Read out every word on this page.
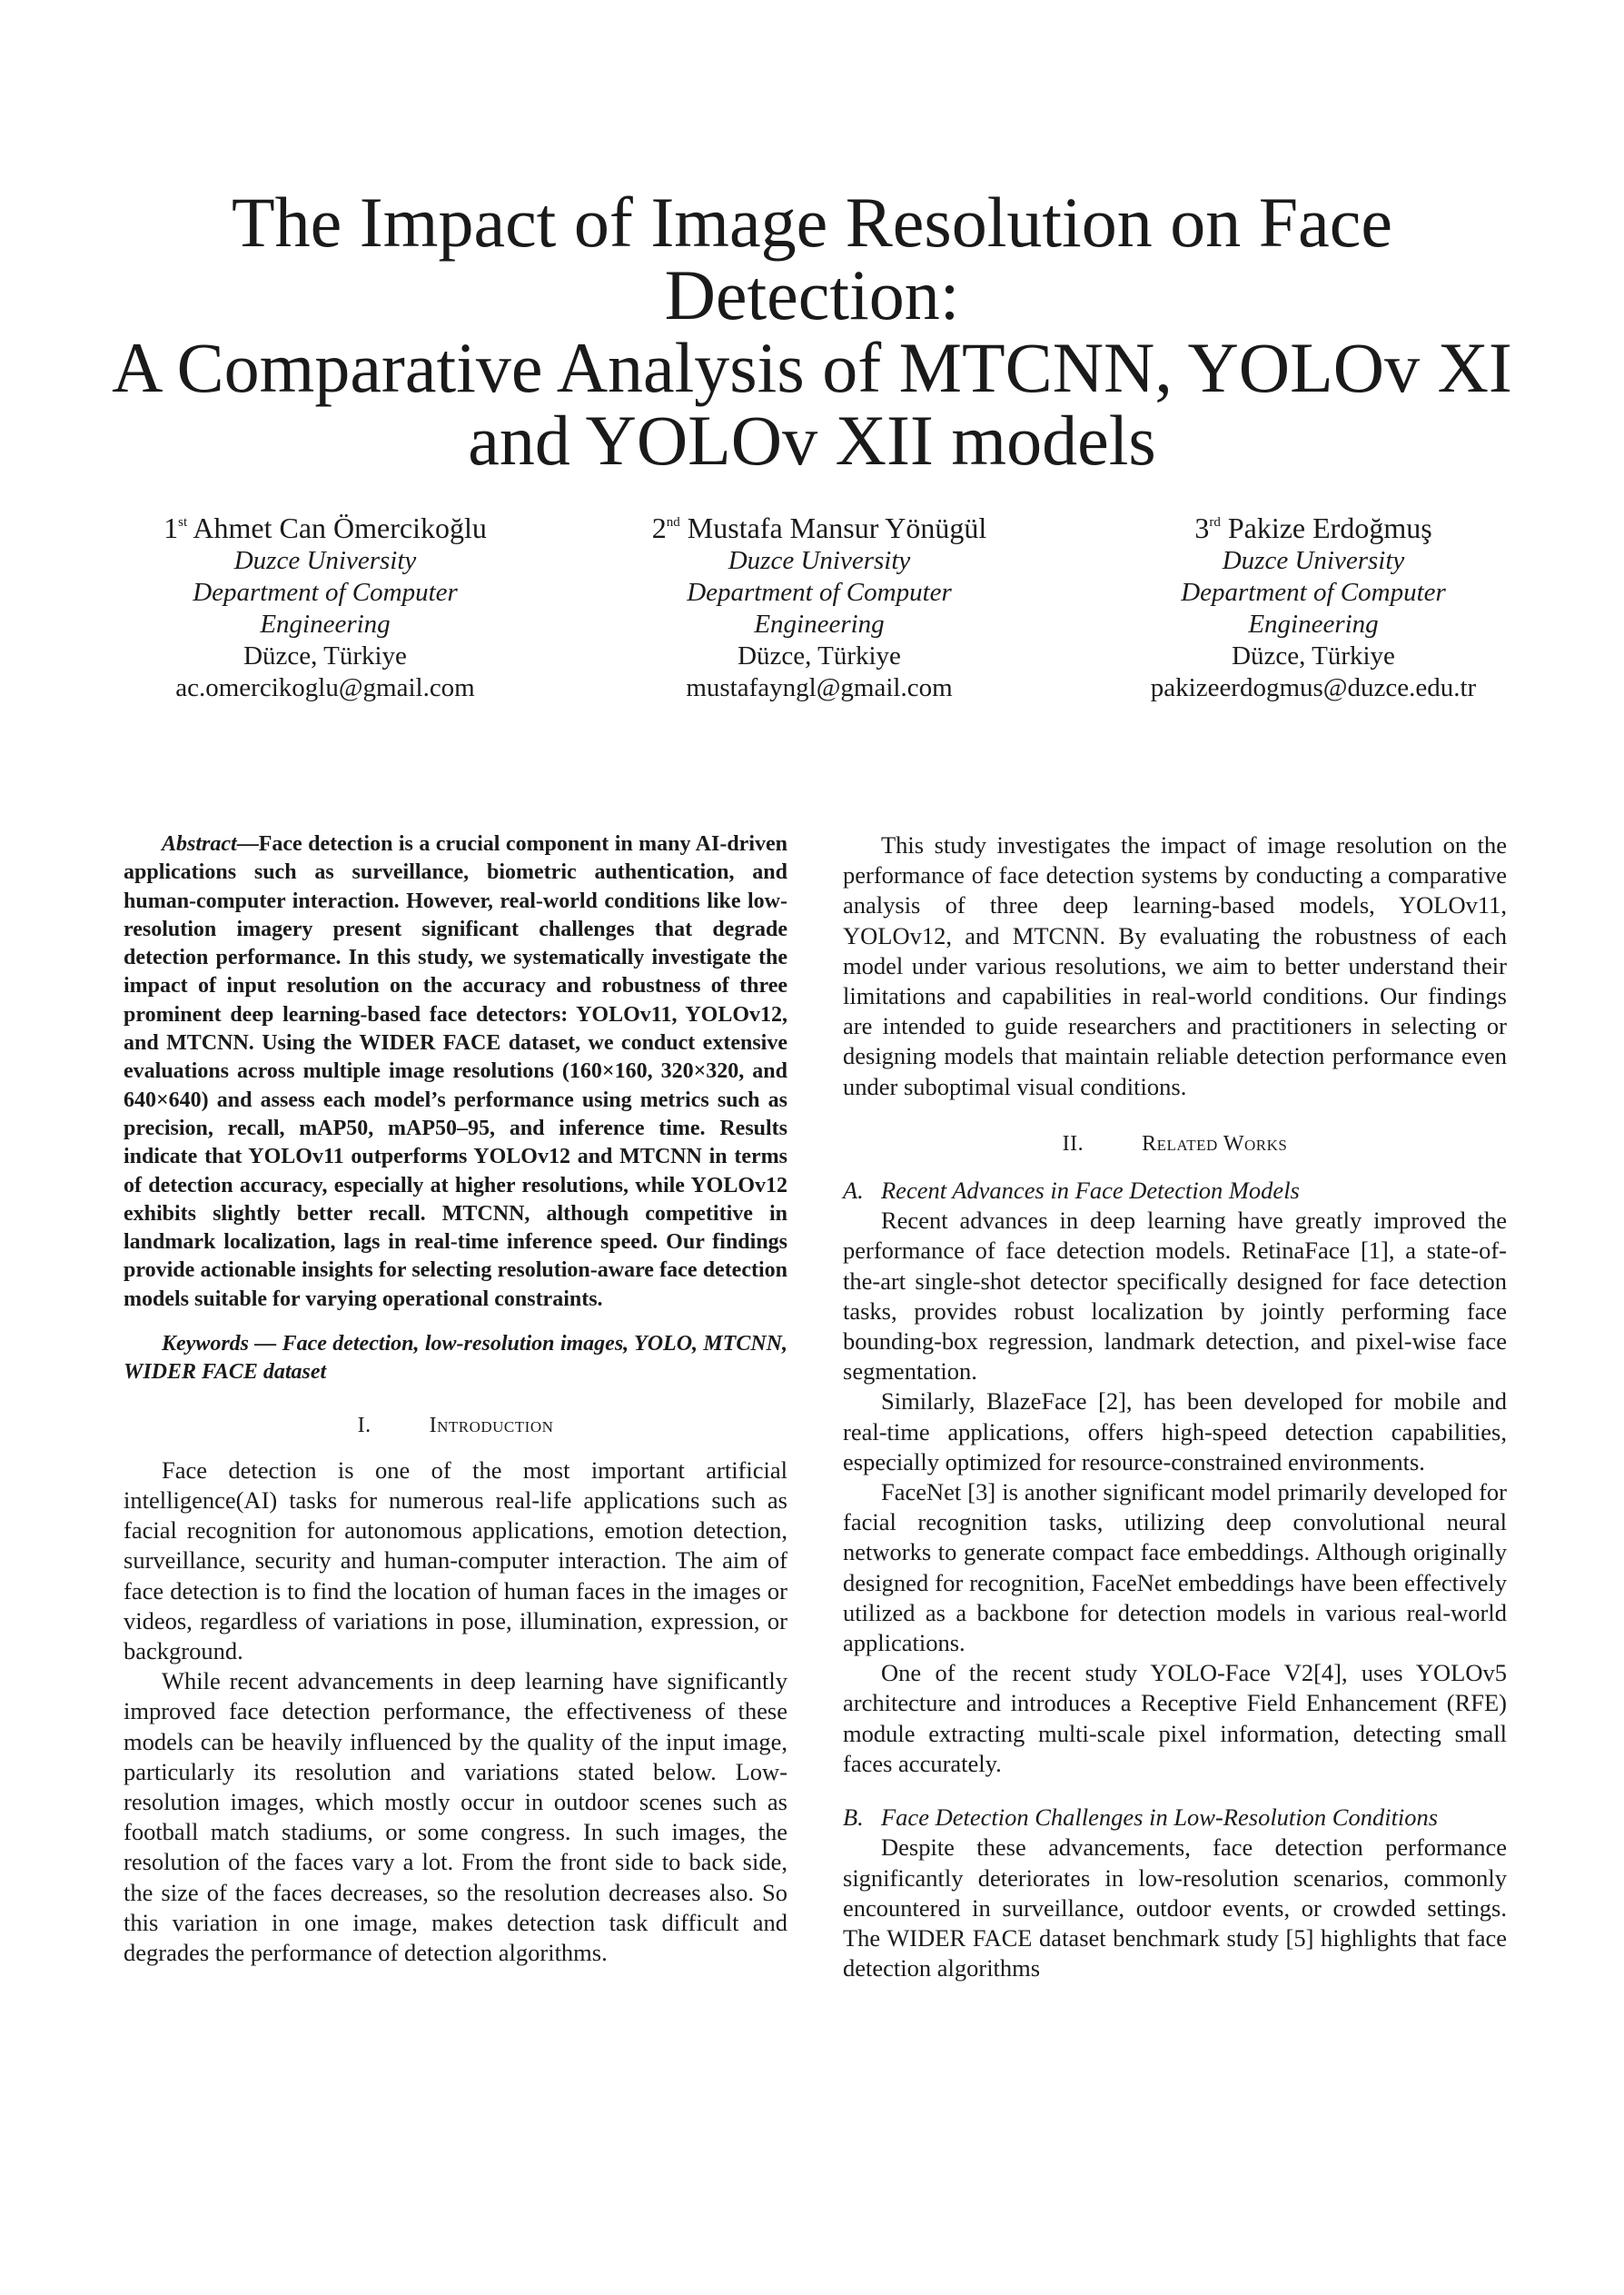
The Impact of Image Resolution on Face Detection:
A Comparative Analysis of MTCNN, YOLOv XI
and YOLOv XII models
1st Ahmet Can Ömercikoğlu
Duzce University
Department of Computer
Engineering
Düzce, Türkiye
ac.omercikoglu@gmail.com
2nd Mustafa Mansur Yönügül
Duzce University
Department of Computer
Engineering
Düzce, Türkiye
mustafayngl@gmail.com
3rd Pakize Erdoğmuş
Duzce University
Department of Computer
Engineering
Düzce, Türkiye
pakizeerdogmus@duzce.edu.tr

Abstract—Face detection is a crucial component in many AI-driven applications such as surveillance, biometric authentication, and human-computer interaction. However, real-world conditions like low-resolution imagery present significant challenges that degrade detection performance. In this study, we systematically investigate the impact of input resolution on the accuracy and robustness of three prominent deep learning-based face detectors: YOLOv11, YOLOv12, and MTCNN. Using the WIDER FACE dataset, we conduct extensive evaluations across multiple image resolutions (160×160, 320×320, and 640×640) and assess each model’s performance using metrics such as precision, recall, mAP50, mAP50–95, and inference time. Results indicate that YOLOv11 outperforms YOLOv12 and MTCNN in terms of detection accuracy, especially at higher resolutions, while YOLOv12 exhibits slightly better recall. MTCNN, although competitive in landmark localization, lags in real-time inference speed. Our findings provide actionable insights for selecting resolution-aware face detection models suitable for varying operational constraints.

Keywords — Face detection, low-resolution images, YOLO, MTCNN, WIDER FACE dataset

I.	Introduction

Face detection is one of the most important artificial intelligence(AI) tasks for numerous real-life applications such as facial recognition for autonomous applications, emotion detection, surveillance, security and human-computer interaction. The aim of face detection is to find the location of human faces in the images or videos, regardless of variations in pose, illumination, expression, or background.

While recent advancements in deep learning have significantly improved face detection performance, the effectiveness of these models can be heavily influenced by the quality of the input image, particularly its resolution and variations stated below. Low-resolution images, which mostly occur in outdoor scenes such as football match stadiums, or some congress. In such images, the resolution of the faces vary a lot. From the front side to back side, the size of the faces decreases, so the resolution decreases also. So this variation in one image, makes detection task difficult and degrades the performance of detection algorithms.

This study investigates the impact of image resolution on the performance of face detection systems by conducting a comparative analysis of three deep learning-based models, YOLOv11, YOLOv12, and MTCNN. By evaluating the robustness of each model under various resolutions, we aim to better understand their limitations and capabilities in real-world conditions. Our findings are intended to guide researchers and practitioners in selecting or designing models that maintain reliable detection performance even under suboptimal visual conditions.

II.	Related Works

A. Recent Advances in Face Detection Models

Recent advances in deep learning have greatly improved the performance of face detection models. RetinaFace [1], a state-of-the-art single-shot detector specifically designed for face detection tasks, provides robust localization by jointly performing face bounding-box regression, landmark detection, and pixel-wise face segmentation.

Similarly, BlazeFace [2], has been developed for mobile and real-time applications, offers high-speed detection capabilities, especially optimized for resource-constrained environments.

FaceNet [3] is another significant model primarily developed for facial recognition tasks, utilizing deep convolutional neural networks to generate compact face embeddings. Although originally designed for recognition, FaceNet embeddings have been effectively utilized as a backbone for detection models in various real-world applications.

One of the recent study YOLO-Face V2[4], uses YOLOv5 architecture and introduces a Receptive Field Enhancement (RFE) module extracting multi-scale pixel information, detecting small faces accurately.

B. Face Detection Challenges in Low-Resolution Conditions

Despite these advancements, face detection performance significantly deteriorates in low-resolution scenarios, commonly encountered in surveillance, outdoor events, or crowded settings. The WIDER FACE dataset benchmark study [5] highlights that face detection algorithms
